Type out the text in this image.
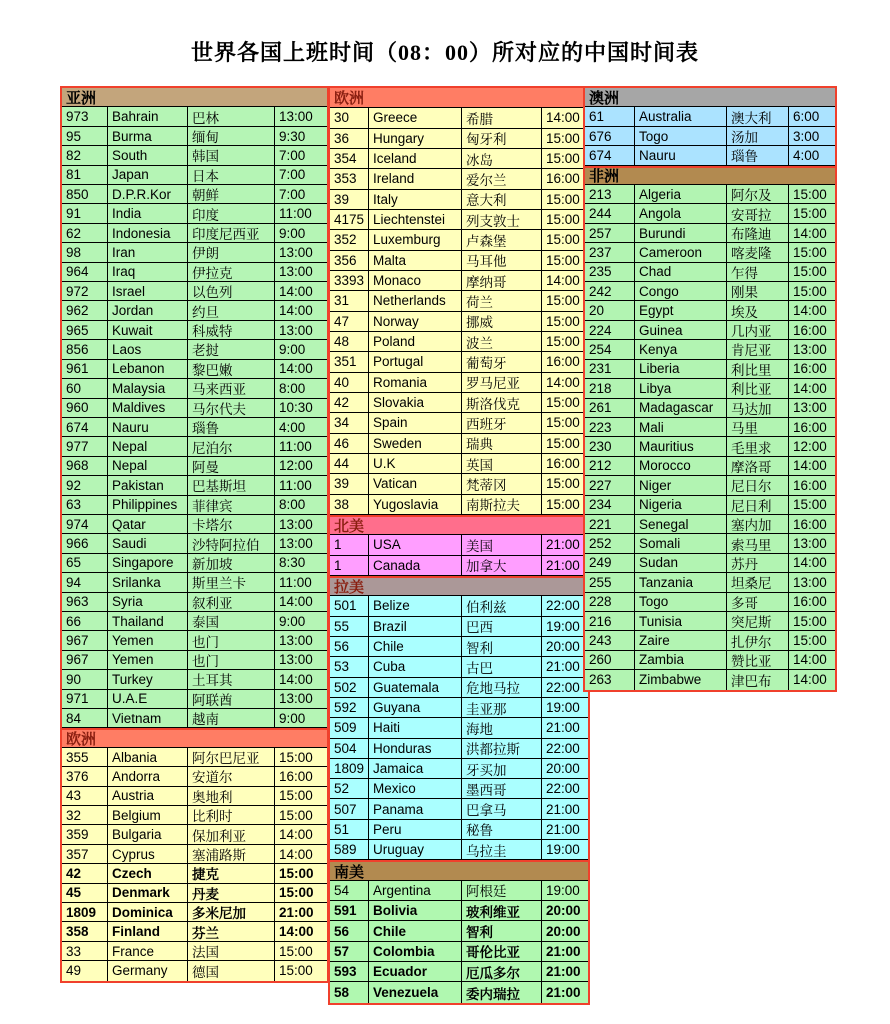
世界各国上班时间（08：00）所对应的中国时间表
亚洲
973	Bahrain	巴林	13:00
95	Burma	缅甸	9:30
82	South	韩国	7:00
81	Japan	日本	7:00
850	D.P.R.Kor	朝鲜	7:00
91	India	印度	11:00
62	Indonesia	印度尼西亚	9:00
98	Iran	伊朗	13:00
964	Iraq	伊拉克	13:00
972	Israel	以色列	14:00
962	Jordan	约旦	14:00
965	Kuwait	科威特	13:00
856	Laos	老挝	9:00
961	Lebanon	黎巴嫩	14:00
60	Malaysia	马来西亚	8:00
960	Maldives	马尔代夫	10:30
674	Nauru	瑙鲁	4:00
977	Nepal	尼泊尔	11:00
968	Nepal	阿曼	12:00
92	Pakistan	巴基斯坦	11:00
63	Philippines	菲律宾	8:00
974	Qatar	卡塔尔	13:00
966	Saudi	沙特阿拉伯	13:00
65	Singapore	新加坡	8:30
94	Srilanka	斯里兰卡	11:00
963	Syria	叙利亚	14:00
66	Thailand	泰国	9:00
967	Yemen	也门	13:00
967	Yemen	也门	13:00
90	Turkey	土耳其	14:00
971	U.A.E	阿联酋	13:00
84	Vietnam	越南	9:00
欧洲
355	Albania	阿尔巴尼亚	15:00
376	Andorra	安道尔	16:00
43	Austria	奥地利	15:00
32	Belgium	比利时	15:00
359	Bulgaria	保加利亚	14:00
357	Cyprus	塞浦路斯	14:00
42	Czech	捷克	15:00
45	Denmark	丹麦	15:00
1809	Dominica	多米尼加	21:00
358	Finland	芬兰	14:00
33	France	法国	15:00
49	Germany	德国	15:00
欧洲
30	Greece	希腊	14:00
36	Hungary	匈牙利	15:00
354	Iceland	冰岛	15:00
353	Ireland	爱尔兰	16:00
39	Italy	意大利	15:00
4175 Liechtenstei	列支敦士	15:00
352	Luxemburg	卢森堡	15:00
356	Malta	马耳他	15:00
3393 Monaco	摩纳哥	14:00
31	Netherlands	荷兰	15:00
47	Norway	挪威	15:00
48	Poland	波兰	15:00
351	Portugal	葡萄牙	16:00
40	Romania	罗马尼亚	14:00
42	Slovakia	斯洛伐克	15:00
34	Spain	西班牙	15:00
46	Sweden	瑞典	15:00
44	U.K	英国	16:00
39	Vatican	梵蒂冈	15:00
38	Yugoslavia	南斯拉夫	15:00
北美
1	USA	美国	21:00
1	Canada	加拿大	21:00
拉美
501	Belize	伯利兹	22:00
55	Brazil	巴西	19:00
56	Chile	智利	20:00
53	Cuba	古巴	21:00
502	Guatemala	危地马拉	22:00
592	Guyana	圭亚那	19:00
509	Haiti	海地	21:00
504	Honduras	洪都拉斯	22:00
1809 Jamaica	牙买加	20:00
52	Mexico	墨西哥	22:00
507	Panama	巴拿马	21:00
51	Peru	秘鲁	21:00
589	Uruguay	乌拉圭	19:00
南美
54	Argentina	阿根廷	19:00
591	Bolivia	玻利维亚	20:00
56	Chile	智利	20:00
57	Colombia	哥伦比亚	21:00
593	Ecuador	厄瓜多尔	21:00
58	Venezuela	委内瑞拉	21:00
澳洲
61	Australia	澳大利	6:00
676	Togo	汤加	3:00
674	Nauru	瑙鲁	4:00
非洲
213	Algeria	阿尔及	15:00
244	Angola	安哥拉	15:00
257	Burundi	布隆迪	14:00
237	Cameroon	喀麦隆	15:00
235	Chad	乍得	15:00
242	Congo	刚果	15:00
20	Egypt	埃及	14:00
224	Guinea	几内亚	16:00
254	Kenya	肯尼亚	13:00
231	Liberia	利比里	16:00
218	Libya	利比亚	14:00
261	Madagascar	马达加	13:00
223	Mali	马里	16:00
230	Mauritius	毛里求	12:00
212	Morocco	摩洛哥	14:00
227	Niger	尼日尔	16:00
234	Nigeria	尼日利	15:00
221	Senegal	塞内加	16:00
252	Somali	索马里	13:00
249	Sudan	苏丹	14:00
255	Tanzania	坦桑尼	13:00
228	Togo	多哥	16:00
216	Tunisia	突尼斯	15:00
243	Zaire	扎伊尔	15:00
260	Zambia	赞比亚	14:00
263	Zimbabwe	津巴布	14:00
